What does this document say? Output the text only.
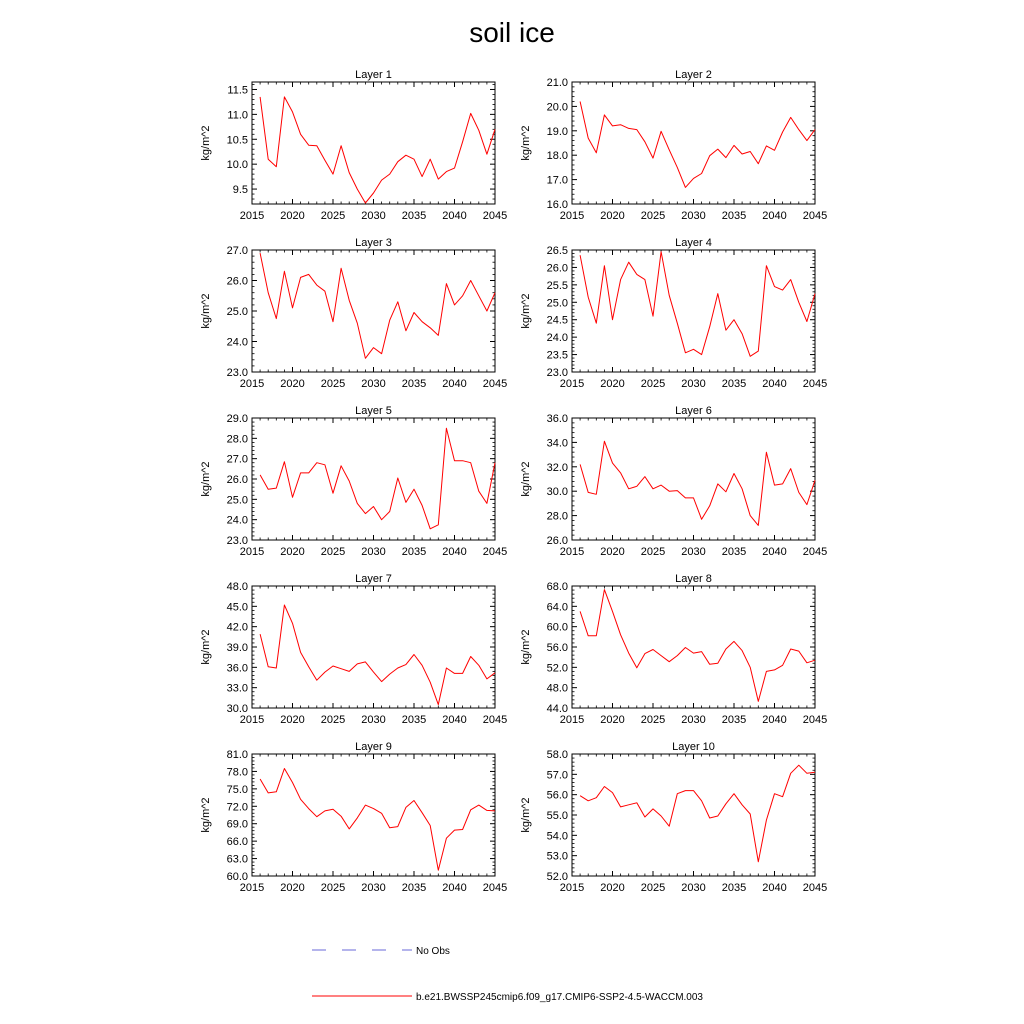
soil ice
Layer 1
kg/m^2
2015 2020 2025 2030 2035 2040 2045
9.5
10.0
10.5
11.0
11.5
Layer 2
kg/m^2
2015 2020 2025 2030 2035 2040 2045
16.0
17.0
18.0
19.0
20.0
21.0
Layer 3
kg/m^2
2015 2020 2025 2030 2035 2040 2045
23.0
24.0
25.0
26.0
27.0
Layer 4
kg/m^2
2015 2020 2025 2030 2035 2040 2045
23.0
23.5
24.0
24.5
25.0
25.5
26.0
26.5
Layer 5
kg/m^2
2015 2020 2025 2030 2035 2040 2045
23.0
24.0
25.0
26.0
27.0
28.0
29.0
Layer 6
kg/m^2
2015 2020 2025 2030 2035 2040 2045
26.0
28.0
30.0
32.0
34.0
36.0
Layer 7
kg/m^2
2015 2020 2025 2030 2035 2040 2045
30.0
33.0
36.0
39.0
42.0
45.0
48.0
Layer 8
kg/m^2
2015 2020 2025 2030 2035 2040 2045
44.0
48.0
52.0
56.0
60.0
64.0
68.0
Layer 9
kg/m^2
2015 2020 2025 2030 2035 2040 2045
60.0
63.0
66.0
69.0
72.0
75.0
78.0
81.0
Layer 10
kg/m^2
2015 2020 2025 2030 2035 2040 2045
52.0
53.0
54.0
55.0
56.0
57.0
58.0
No Obs
b.e21.BWSSP245cmip6.f09_g17.CMIP6-SSP2-4.5-WACCM.003
